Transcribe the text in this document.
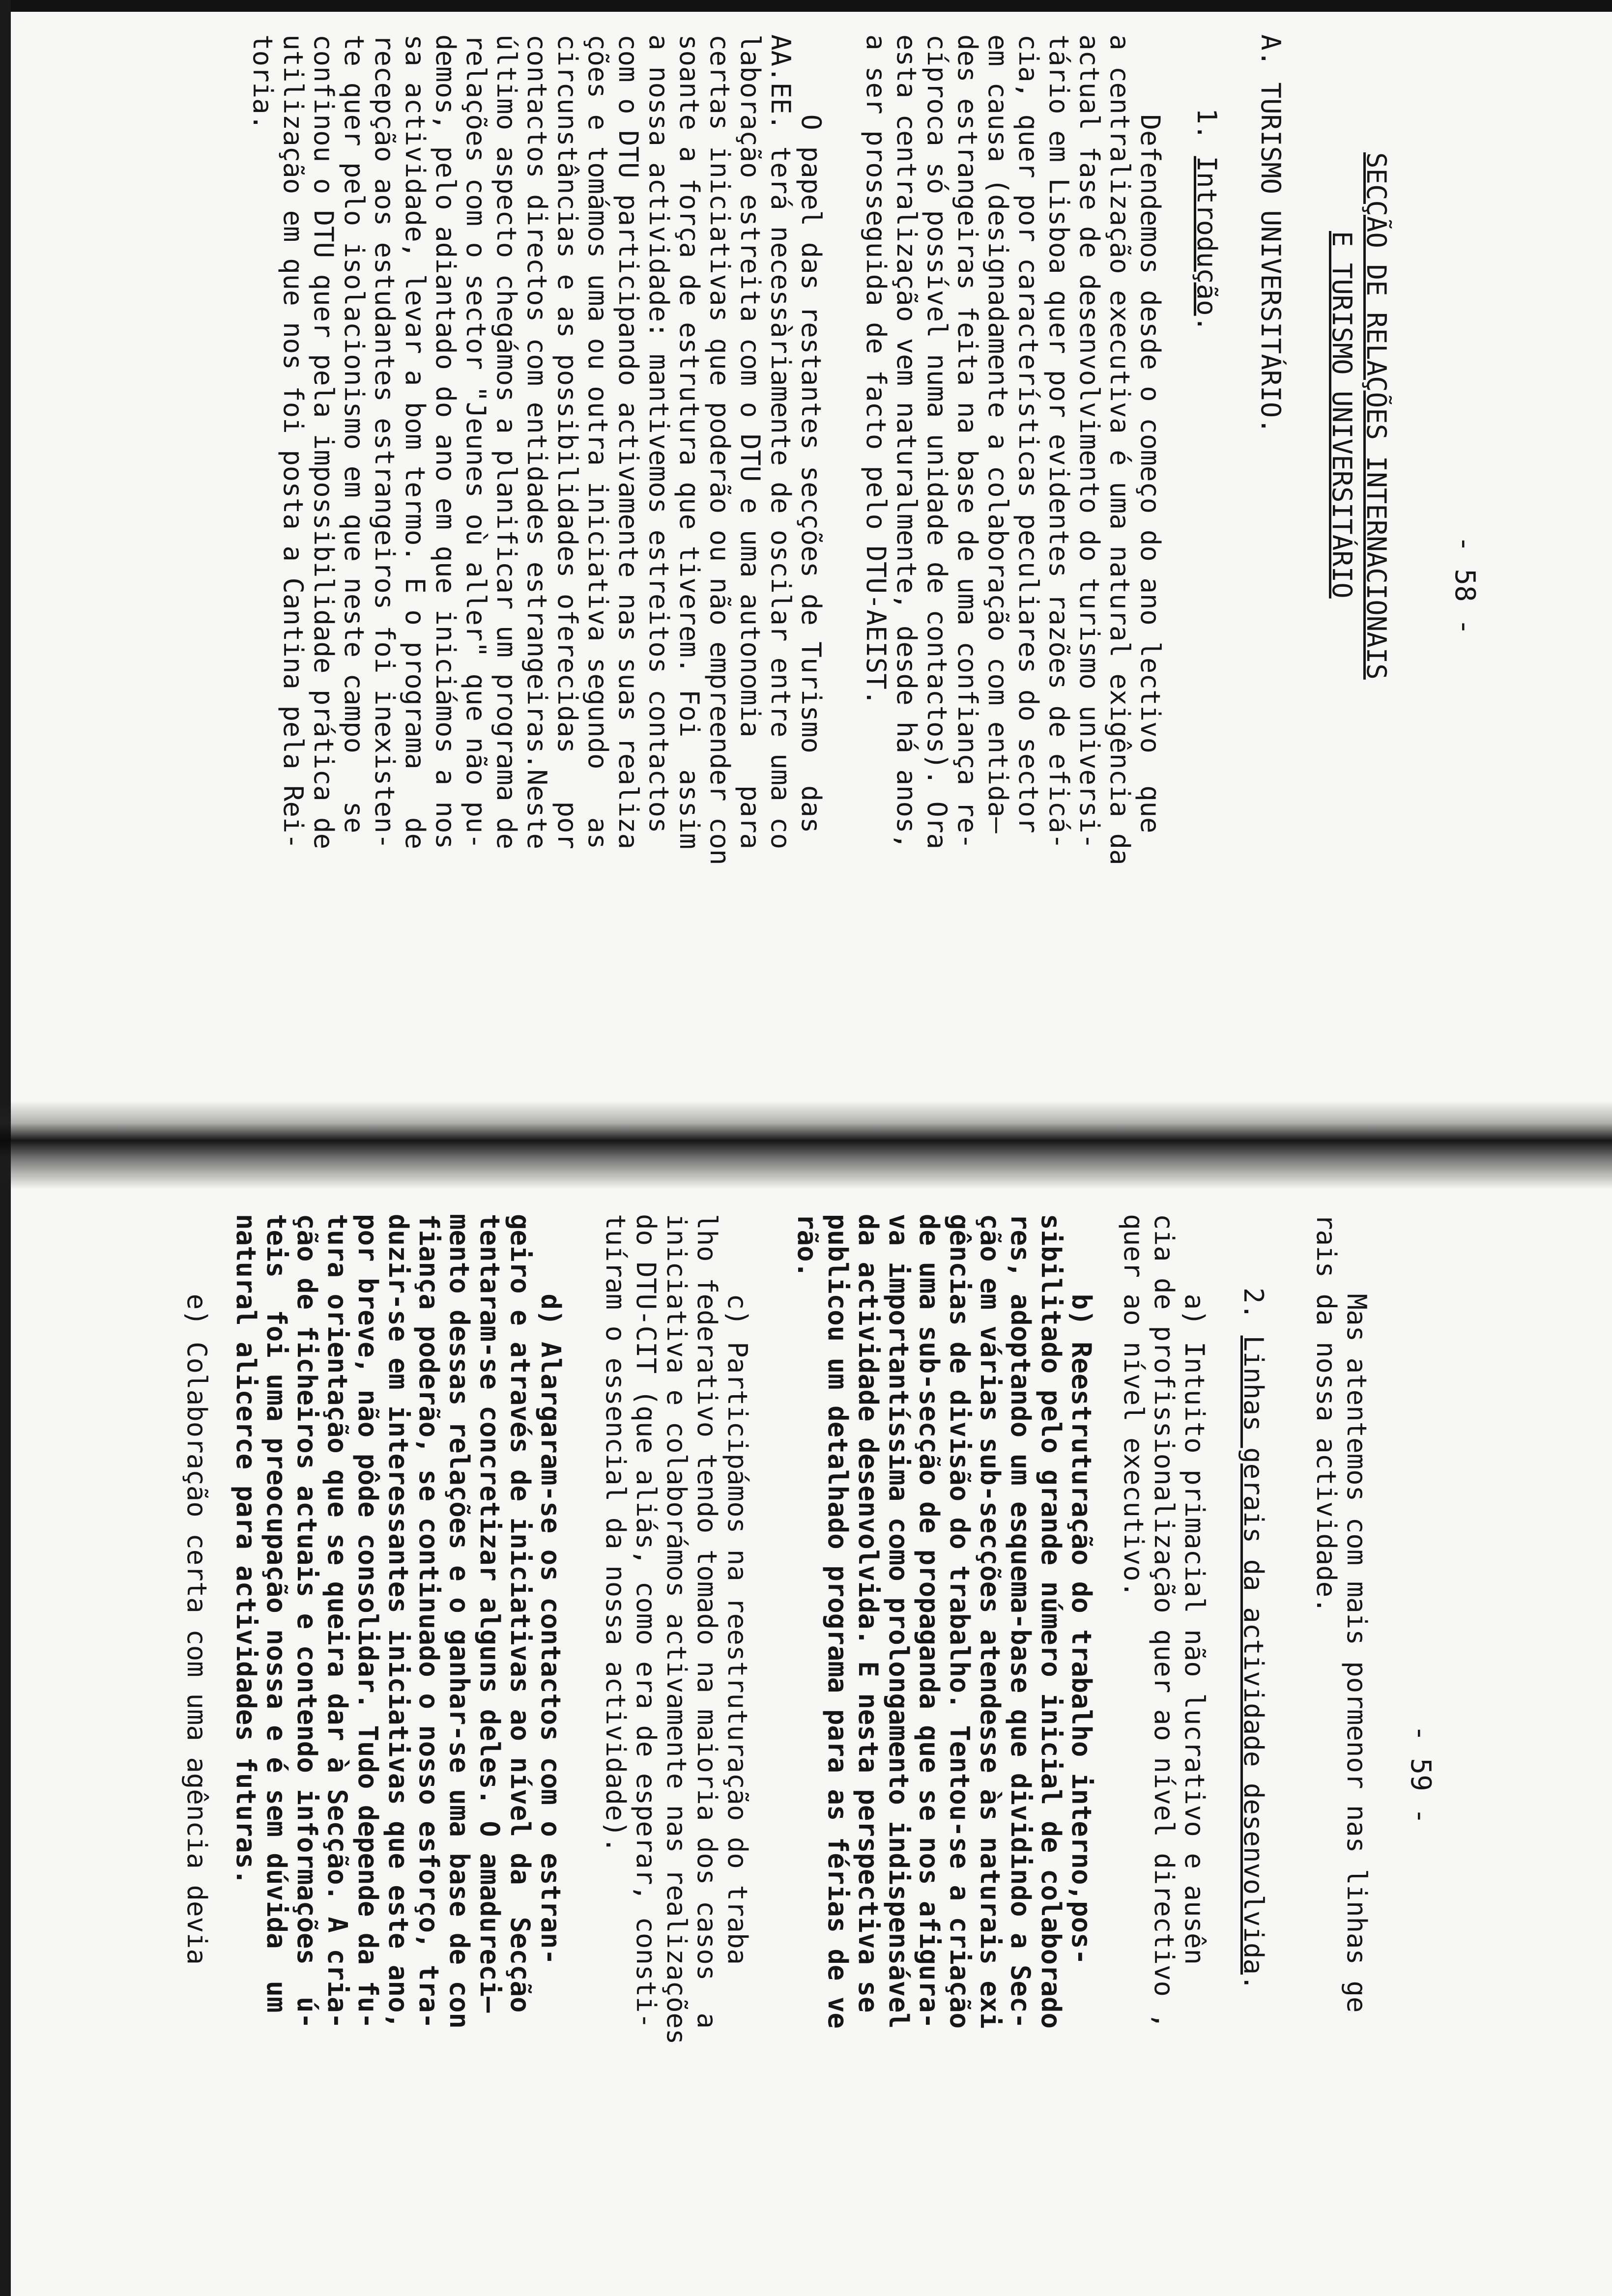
- 58 -

SECÇÃO DE RELAÇÕES INTERNACIONAIS

E TURISMO UNIVERSITÁRIO

A. TURISMO UNIVERSITÁRIO.

1. Introdução.

Defendemos desde o começo do ano lectivo  que
a centralização executiva é uma natural exigência da
actual fase de desenvolvimento do turismo universi-
tário em Lisboa quer por evidentes razões de eficá-
cia, quer por características peculiares do sector
em causa (designadamente a colaboração com entida—
des estrangeiras feita na base de uma confiança re-
cíproca só possível numa unidade de contactos). Ora
esta centralização vem naturalmente, desde há anos,
a ser prosseguida de facto pelo DTU-AEIST.

O papel das restantes secções de Turismo  das
AA.EE. terá necessàriamente de oscilar entre uma co
laboração estreita com o DTU e uma autonomia   para
certas iniciativas que poderão ou não empreender con
soante a força de estrutura que tiverem. Foi  assim
a nossa actividade: mantivemos estreitos contactos
com o DTU participando activamente nas suas realiza
ções e tomámos uma ou outra iniciativa segundo   as
circunstâncias e as possibilidades oferecidas   por
contactos directos com entidades estrangeiras.Neste
último aspecto chegámos a planificar um programa de
relações com o sector "Jeunes où aller" que não pu-
demos, pelo adiantado do ano em que iniciámos a nos
sa actividade, levar a bom termo. E o programa   de
recepção aos estudantes estrangeiros foi inexisten-
te quer pelo isolacionismo em que neste campo   se
confinou o DTU quer pela impossibilidade prática de
utilização em que nos foi posta a Cantina pela Rei-
toria.

- 59 -

Mas atentemos com mais pormenor nas linhas ge
rais da nossa actividade.

2. Linhas gerais da actividade desenvolvida.

a) Intuito primacial não lucrativo e ausên
cia de profissionalização quer ao nível directivo ,
quer ao nível executivo.

b) Reestruturação do trabalho interno,pos-
sibilitado pelo grande número inicial de colaborado
res, adoptando um esquema-base que dividindo a Sec-
ção em várias sub-secções atendesse às naturais exi
gências de divisão do trabalho. Tentou-se a criação
de uma sub-secção de propaganda que se nos afigura-
va importantíssima como prolongamento indispensável
da actividade desenvolvida. E nesta perspectiva se
publicou um detalhado programa para as férias de ve
rão.

c) Participámos na reestruturação do traba
lho federativo tendo tomado na maioria dos casos  a
iniciativa e colaborámos activamente nas realizações
do DTU-CIT (que aliás, como era de esperar, consti-
tuíram o essencial da nossa actividade).

d) Alargaram-se os contactos com o estran-
geiro e através de iniciativas ao nível da  Secção
tentaram-se concretizar alguns deles. O amadureci—
mento dessas relações e o ganhar-se uma base de con
fiança poderão, se continuado o nosso esforço, tra-
duzir-se em interessantes iniciativas que este ano,
por breve, não pôde consolidar. Tudo depende da fu-
tura orientação que se queira dar à Secção. A cria-
ção de ficheiros actuais e contendo informações  ú-
teis  foi uma preocupação nossa e é sem dúvida  um
natural alicerce para actividades futuras.

e) Colaboração certa com uma agência devia
